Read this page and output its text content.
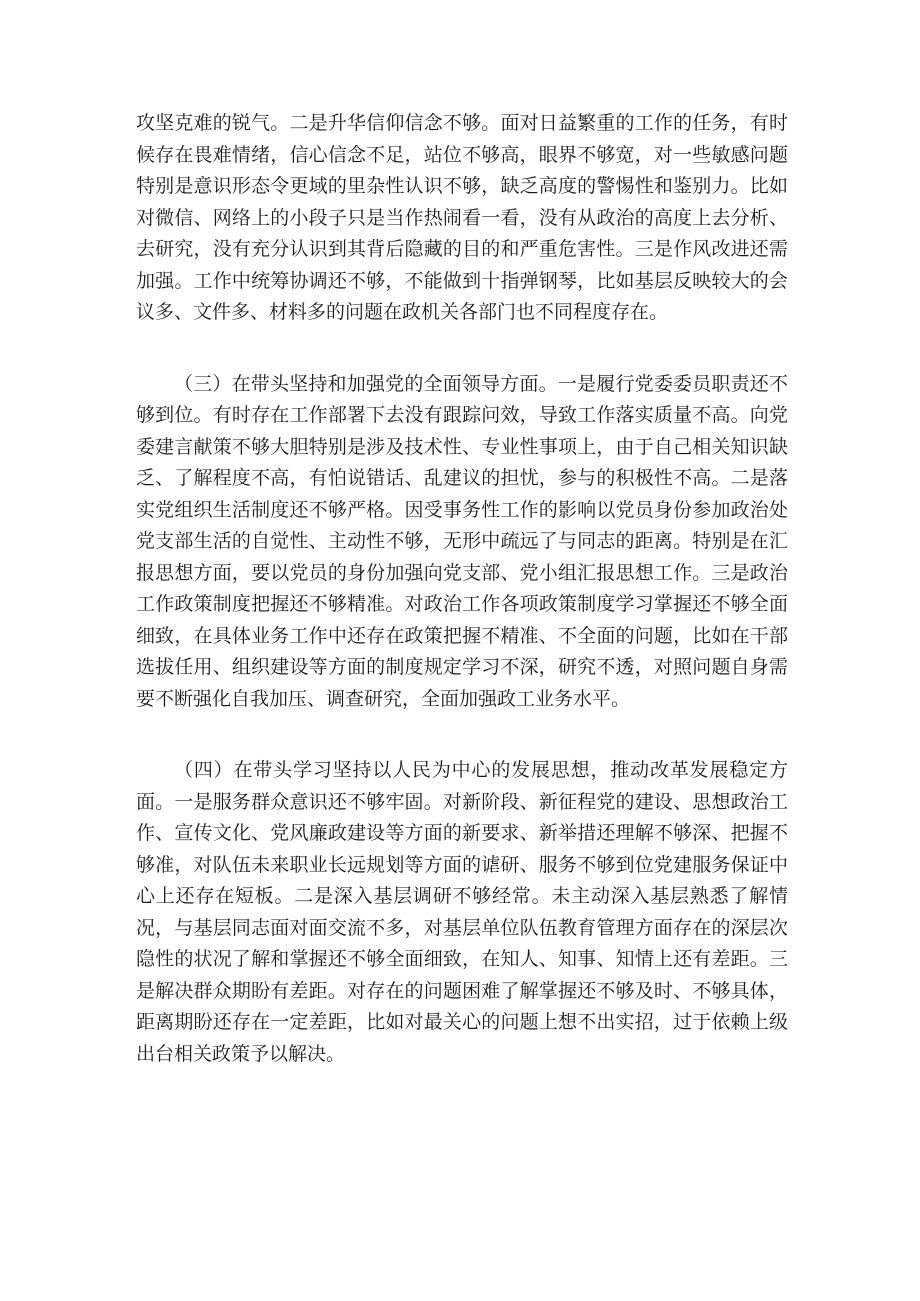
攻坚克难的锐气。二是升华信仰信念不够。面对日益繁重的工作的任务，有时候存在畏难情绪，信心信念不足，站位不够高，眼界不够宽，对一些敏感问题特别是意识形态令更域的里杂性认识不够，缺乏高度的警惕性和鉴别力。比如对微信、网络上的小段子只是当作热闹看一看，没有从政治的高度上去分析、去研究，没有充分认识到其背后隐藏的目的和严重危害性。三是作风改进还需加强。工作中统筹协调还不够，不能做到十指弹钢琴，比如基层反映较大的会议多、文件多、材料多的问题在政机关各部门也不同程度存在。

（三）在带头坚持和加强党的全面领导方面。一是履行党委委员职责还不够到位。有时存在工作部署下去没有跟踪问效，导致工作落实质量不高。向党委建言献策不够大胆特别是涉及技术性、专业性事项上，由于自己相关知识缺乏、了解程度不高，有怕说错话、乱建议的担忧，参与的积极性不高。二是落实党组织生活制度还不够严格。因受事务性工作的影响以党员身份参加政治处党支部生活的自觉性、主动性不够，无形中疏远了与同志的距离。特别是在汇报思想方面，要以党员的身份加强向党支部、党小组汇报思想工作。三是政治工作政策制度把握还不够精准。对政治工作各项政策制度学习掌握还不够全面细致，在具体业务工作中还存在政策把握不精准、不全面的问题，比如在干部选拔任用、组织建设等方面的制度规定学习不深，研究不透，对照问题自身需要不断强化自我加压、调查研究，全面加强政工业务水平。

（四）在带头学习坚持以人民为中心的发展思想，推动改革发展稳定方面。一是服务群众意识还不够牢固。对新阶段、新征程党的建设、思想政治工作、宣传文化、党风廉政建设等方面的新要求、新举措还理解不够深、把握不够准，对队伍未来职业长远规划等方面的谑研、服务不够到位党建服务保证中心上还存在短板。二是深入基层调研不够经常。未主动深入基层熟悉了解情况，与基层同志面对面交流不多，对基层单位队伍教育管理方面存在的深层次隐性的状况了解和掌握还不够全面细致，在知人、知事、知情上还有差距。三是解决群众期盼有差距。对存在的问题困难了解掌握还不够及时、不够具体，距离期盼还存在一定差距，比如对最关心的问题上想不出实招，过于依赖上级出台相关政策予以解决。
